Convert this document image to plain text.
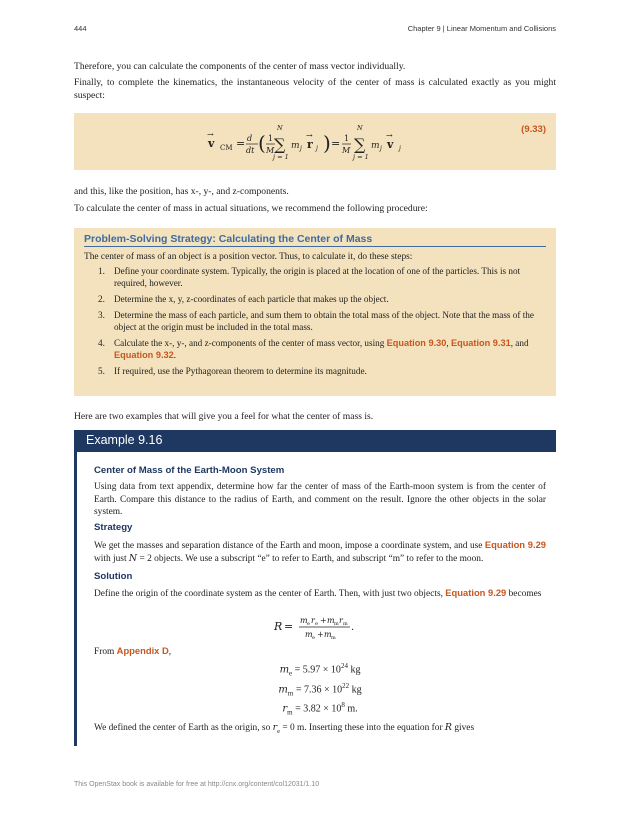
444	Chapter 9 | Linear Momentum and Collisions
Therefore, you can calculate the components of the center of mass vector individually.
Finally, to complete the kinematics, the instantaneous velocity of the center of mass is calculated exactly as you might suspect:
v
→
CM = d
dt ( 1
M
N
∑
j = 1
m j r
→
j ) = 1
M
N
∑
j = 1
m j v
→
j
(9.33)
and this, like the position, has x-, y-, and z-components.
To calculate the center of mass in actual situations, we recommend the following procedure:
Problem-Solving Strategy: Calculating the Center of Mass
The center of mass of an object is a position vector. Thus, to calculate it, do these steps:
1. Define your coordinate system. Typically, the origin is placed at the location of one of the particles. This is not required, however.
2. Determine the x, y, z-coordinates of each particle that makes up the object.
3. Determine the mass of each particle, and sum them to obtain the total mass of the object. Note that the mass of the object at the origin must be included in the total mass.
4. Calculate the x-, y-, and z-components of the center of mass vector, using Equation 9.30, Equation 9.31, and Equation 9.32.
5. If required, use the Pythagorean theorem to determine its magnitude.
Here are two examples that will give you a feel for what the center of mass is.
Example 9.16
Center of Mass of the Earth-Moon System
Using data from text appendix, determine how far the center of mass of the Earth-moon system is from the center of Earth. Compare this distance to the radius of Earth, and comment on the result. Ignore the other objects in the solar system.
Strategy
We get the masses and separation distance of the Earth and moon, impose a coordinate system, and use Equation 9.29 with just N = 2 objects. We use a subscript “e” to refer to Earth, and subscript “m” to refer to the moon.
Solution
Define the origin of the coordinate system as the center of Earth. Then, with just two objects, Equation 9.29 becomes
R = m e r e + m m r m
m e + m m
.
From Appendix D,
$m_e = 5.97 \times 10^{24}$ kg
$m_m = 7.36 \times 10^{22}$ kg
$r_m = 3.82 \times 10^8$ m.
We defined the center of Earth as the origin, so $r_e = 0$ m. Inserting these into the equation for R gives
This OpenStax book is available for free at http://cnx.org/content/col12031/1.10
